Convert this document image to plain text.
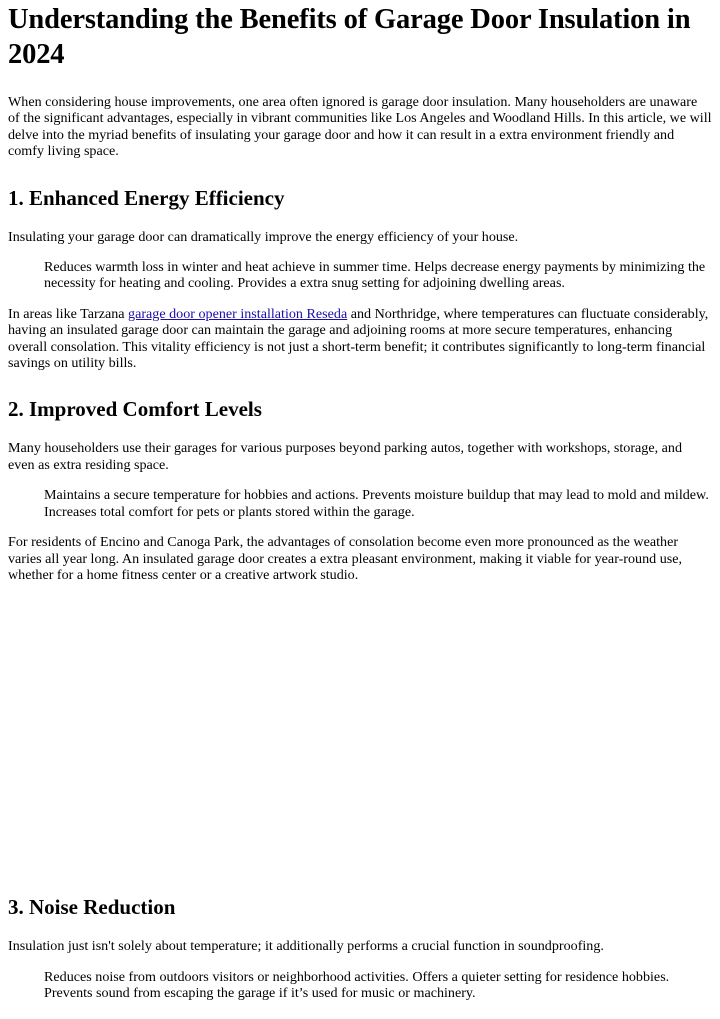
Understanding the Benefits of Garage Door Insulation in 2024

When considering house improvements, one area often ignored is garage door insulation. Many householders are unaware of the significant advantages, especially in vibrant communities like Los Angeles and Woodland Hills. In this article, we will delve into the myriad benefits of insulating your garage door and how it can result in a extra environment friendly and comfy living space.

1. Enhanced Energy Efficiency

Insulating your garage door can dramatically improve the energy efficiency of your house.

Reduces warmth loss in winter and heat achieve in summer time. Helps decrease energy payments by minimizing the necessity for heating and cooling. Provides a extra snug setting for adjoining dwelling areas.

In areas like Tarzana garage door opener installation Reseda and Northridge, where temperatures can fluctuate considerably, having an insulated garage door can maintain the garage and adjoining rooms at more secure temperatures, enhancing overall consolation. This vitality efficiency is not just a short-term benefit; it contributes significantly to long-term financial savings on utility bills.

2. Improved Comfort Levels

Many householders use their garages for various purposes beyond parking autos, together with workshops, storage, and even as extra residing space.

Maintains a secure temperature for hobbies and actions. Prevents moisture buildup that may lead to mold and mildew. Increases total comfort for pets or plants stored within the garage.

For residents of Encino and Canoga Park, the advantages of consolation become even more pronounced as the weather varies all year long. An insulated garage door creates a extra pleasant environment, making it viable for year-round use, whether for a home fitness center or a creative artwork studio.

3. Noise Reduction

Insulation just isn't solely about temperature; it additionally performs a crucial function in soundproofing.

Reduces noise from outdoors visitors or neighborhood activities. Offers a quieter setting for residence hobbies. Prevents sound from escaping the garage if it’s used for music or machinery.
